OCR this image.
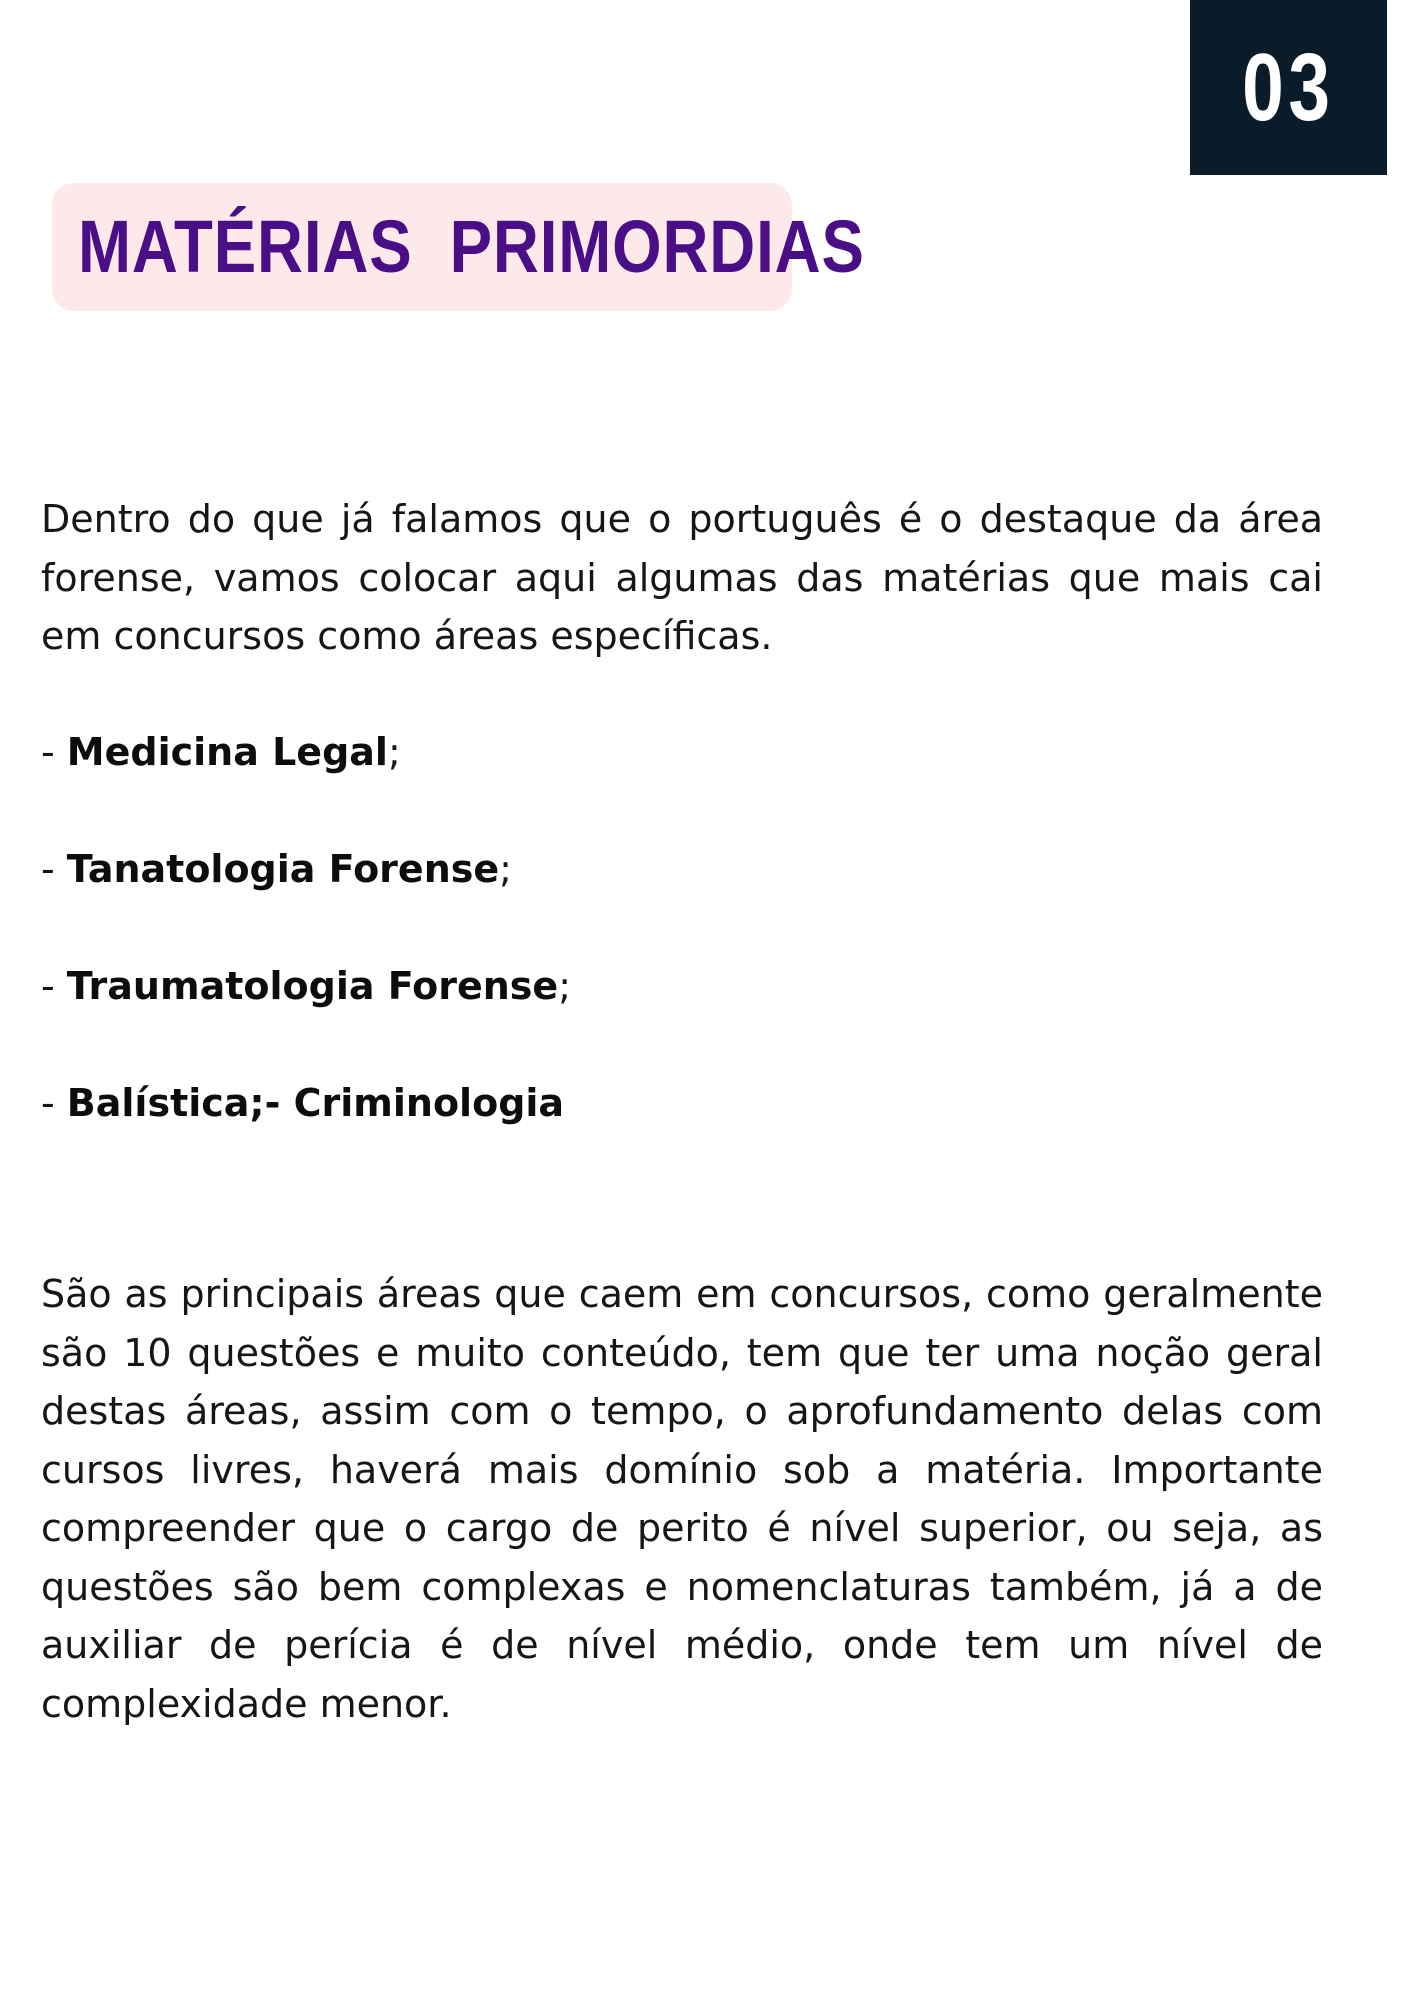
03
MATÉRIAS  PRIMORDIAS

Dentro do que já falamos que o português é o destaque da área forense, vamos colocar aqui algumas das matérias que mais cai em concursos como áreas específicas.

- Medicina Legal;
- Tanatologia Forense;
- Traumatologia Forense;
- Balística;- Criminologia

São as principais áreas que caem em concursos, como geralmente são 10 questões e muito conteúdo, tem que ter uma noção geral destas áreas, assim com o tempo, o aprofundamento delas com cursos livres, haverá mais domínio sob a matéria. Importante compreender que o cargo de perito é nível superior, ou seja, as questões são bem complexas e nomenclaturas também, já a de auxiliar de perícia é de nível médio, onde tem um nível de complexidade menor.
